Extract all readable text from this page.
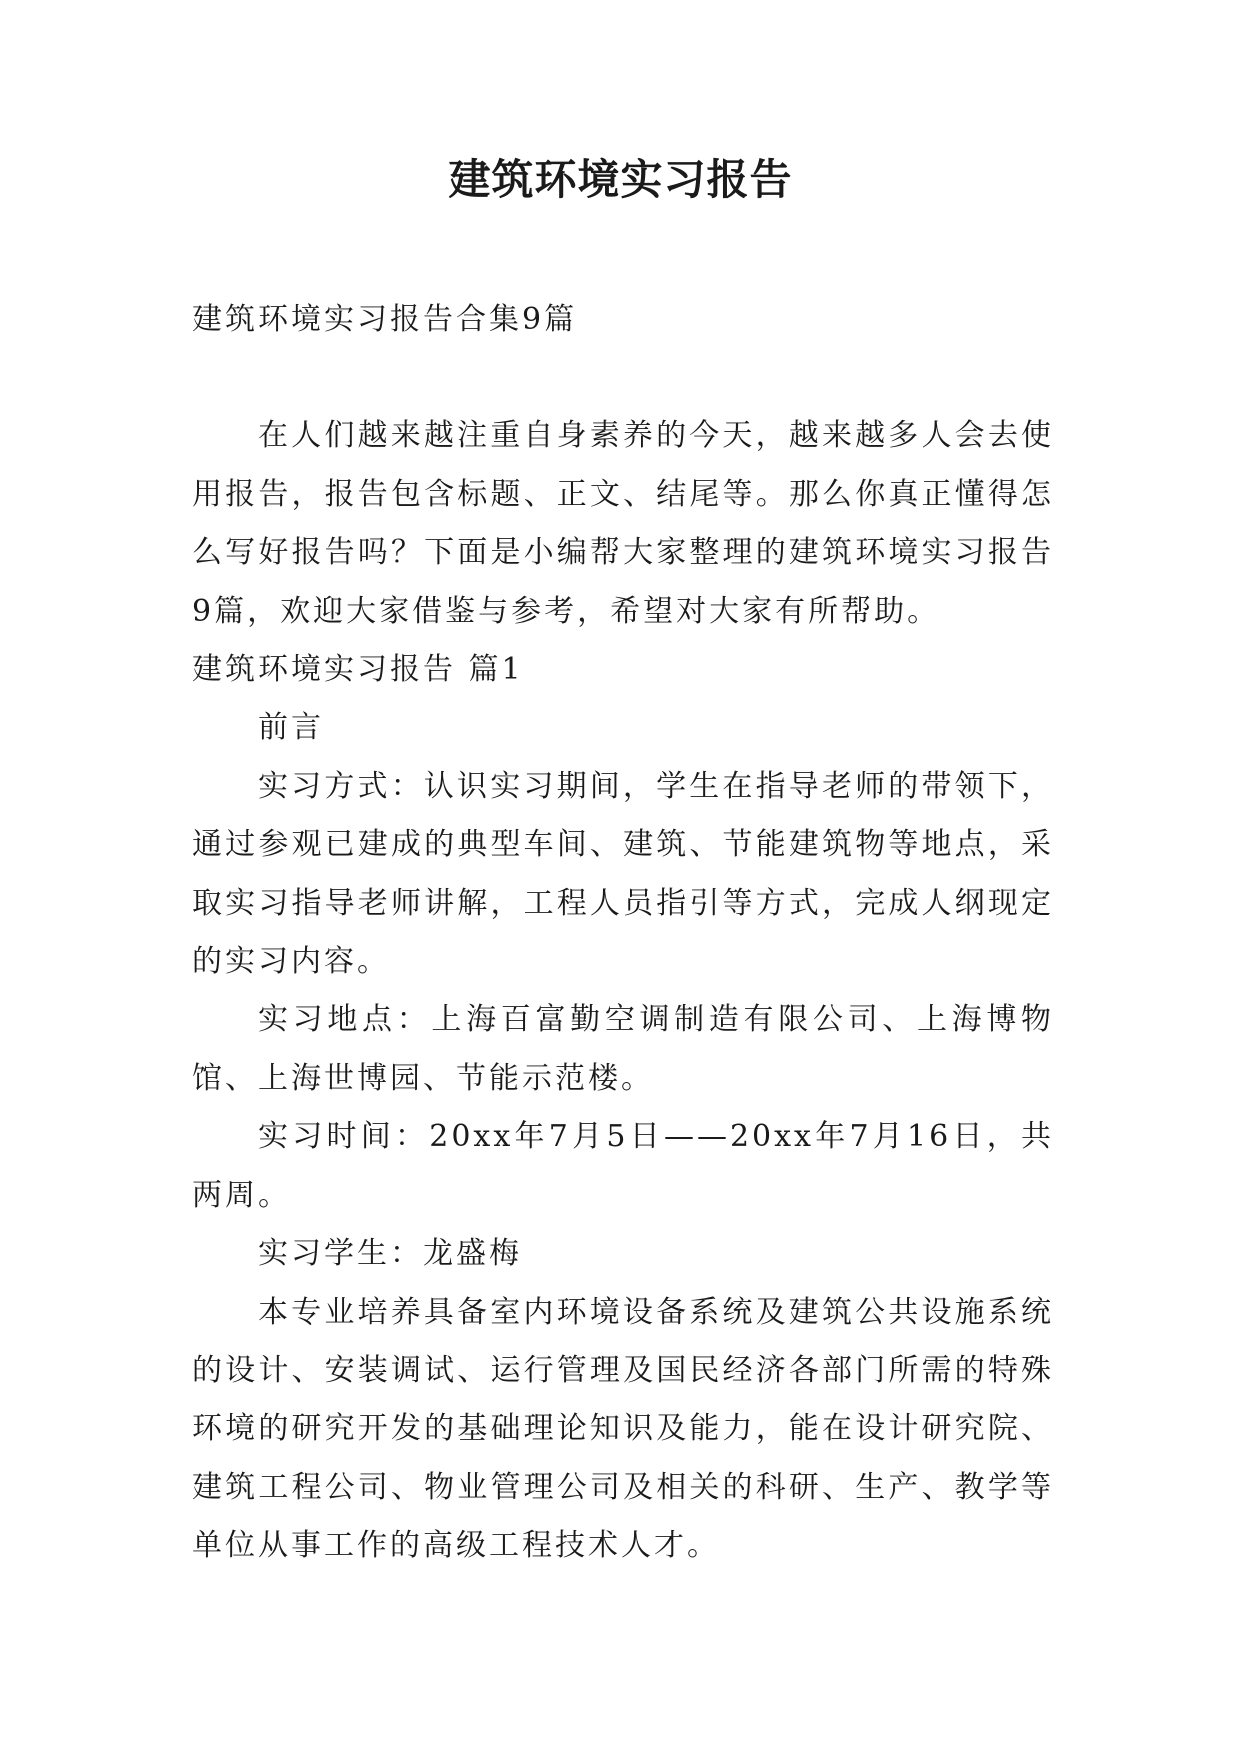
建筑环境实习报告

建筑环境实习报告合集9篇

在人们越来越注重自身素养的今天，越来越多人会去使用报告，报告包含标题、正文、结尾等。那么你真正懂得怎么写好报告吗？下面是小编帮大家整理的建筑环境实习报告9篇，欢迎大家借鉴与参考，希望对大家有所帮助。

建筑环境实习报告 篇1

前言

实习方式：认识实习期间，学生在指导老师的带领下，通过参观已建成的典型车间、建筑、节能建筑物等地点，采取实习指导老师讲解，工程人员指引等方式，完成人纲现定的实习内容。

实习地点：上海百富勤空调制造有限公司、上海博物馆、上海世博园、节能示范楼。

实习时间：20xx年7月5日——20xx年7月16日，共两周。

实习学生：龙盛梅

本专业培养具备室内环境设备系统及建筑公共设施系统的设计、安装调试、运行管理及国民经济各部门所需的特殊环境的研究开发的基础理论知识及能力，能在设计研究院、建筑工程公司、物业管理公司及相关的科研、生产、教学等单位从事工作的高级工程技术人才。
